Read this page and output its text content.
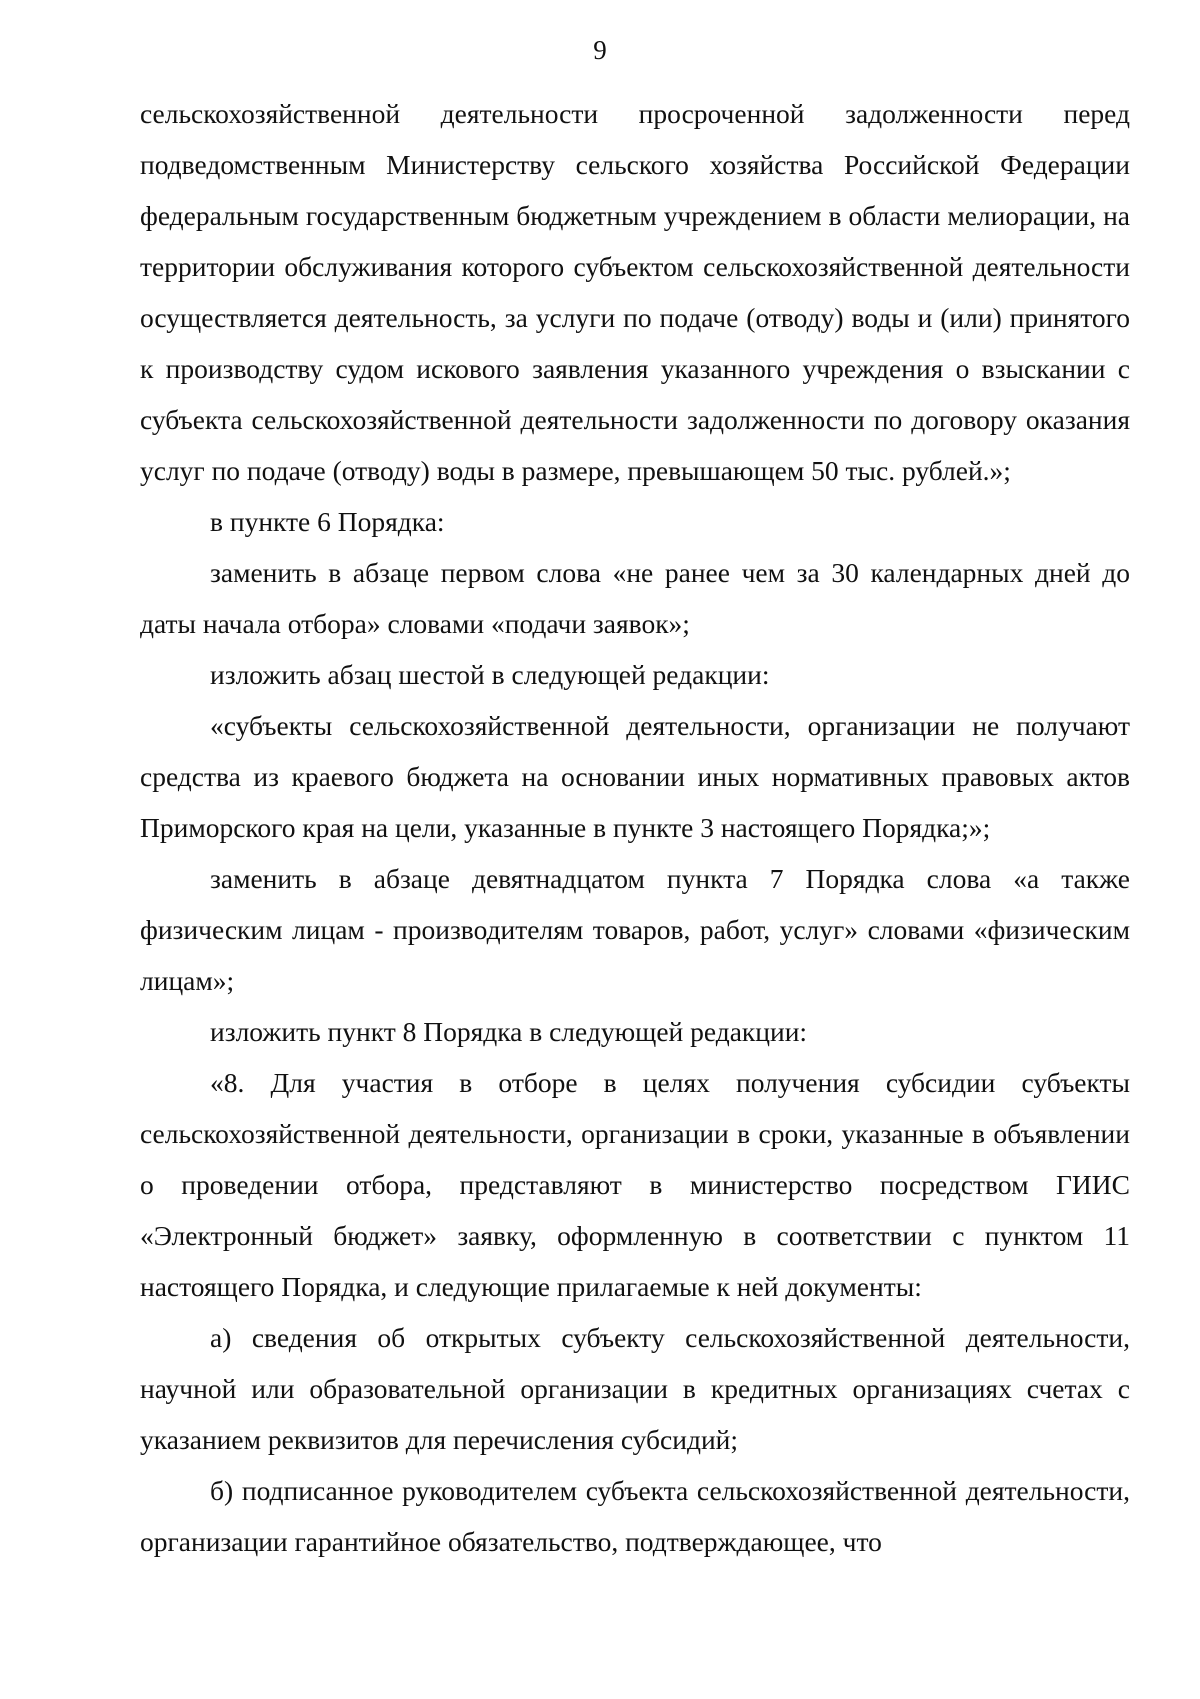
9

сельскохозяйственной деятельности просроченной задолженности перед подведомственным Министерству сельского хозяйства Российской Федерации федеральным государственным бюджетным учреждением в области мелиорации, на территории обслуживания которого субъектом сельскохозяйственной деятельности осуществляется деятельность, за услуги по подаче (отводу) воды и (или) принятого к производству судом искового заявления указанного учреждения о взыскании с субъекта сельскохозяйственной деятельности задолженности по договору оказания услуг по подаче (отводу) воды в размере, превышающем 50 тыс. рублей.»;

в пункте 6 Порядка:

заменить в абзаце первом слова «не ранее чем за 30 календарных дней до даты начала отбора» словами «подачи заявок»;

изложить абзац шестой в следующей редакции:

«субъекты сельскохозяйственной деятельности, организации не получают средства из краевого бюджета на основании иных нормативных правовых актов Приморского края на цели, указанные в пункте 3 настоящего Порядка;»;

заменить в абзаце девятнадцатом пункта 7 Порядка слова «а также физическим лицам - производителям товаров, работ, услуг» словами «физическим лицам»;

изложить пункт 8 Порядка в следующей редакции:

«8. Для участия в отборе в целях получения субсидии субъекты сельскохозяйственной деятельности, организации в сроки, указанные в объявлении о проведении отбора, представляют в министерство посредством ГИИС «Электронный бюджет» заявку, оформленную в соответствии с пунктом 11 настоящего Порядка, и следующие прилагаемые к ней документы:

а) сведения об открытых субъекту сельскохозяйственной деятельности, научной или образовательной организации в кредитных организациях счетах с указанием реквизитов для перечисления субсидий;

б) подписанное руководителем субъекта сельскохозяйственной деятельности, организации гарантийное обязательство, подтверждающее, что
